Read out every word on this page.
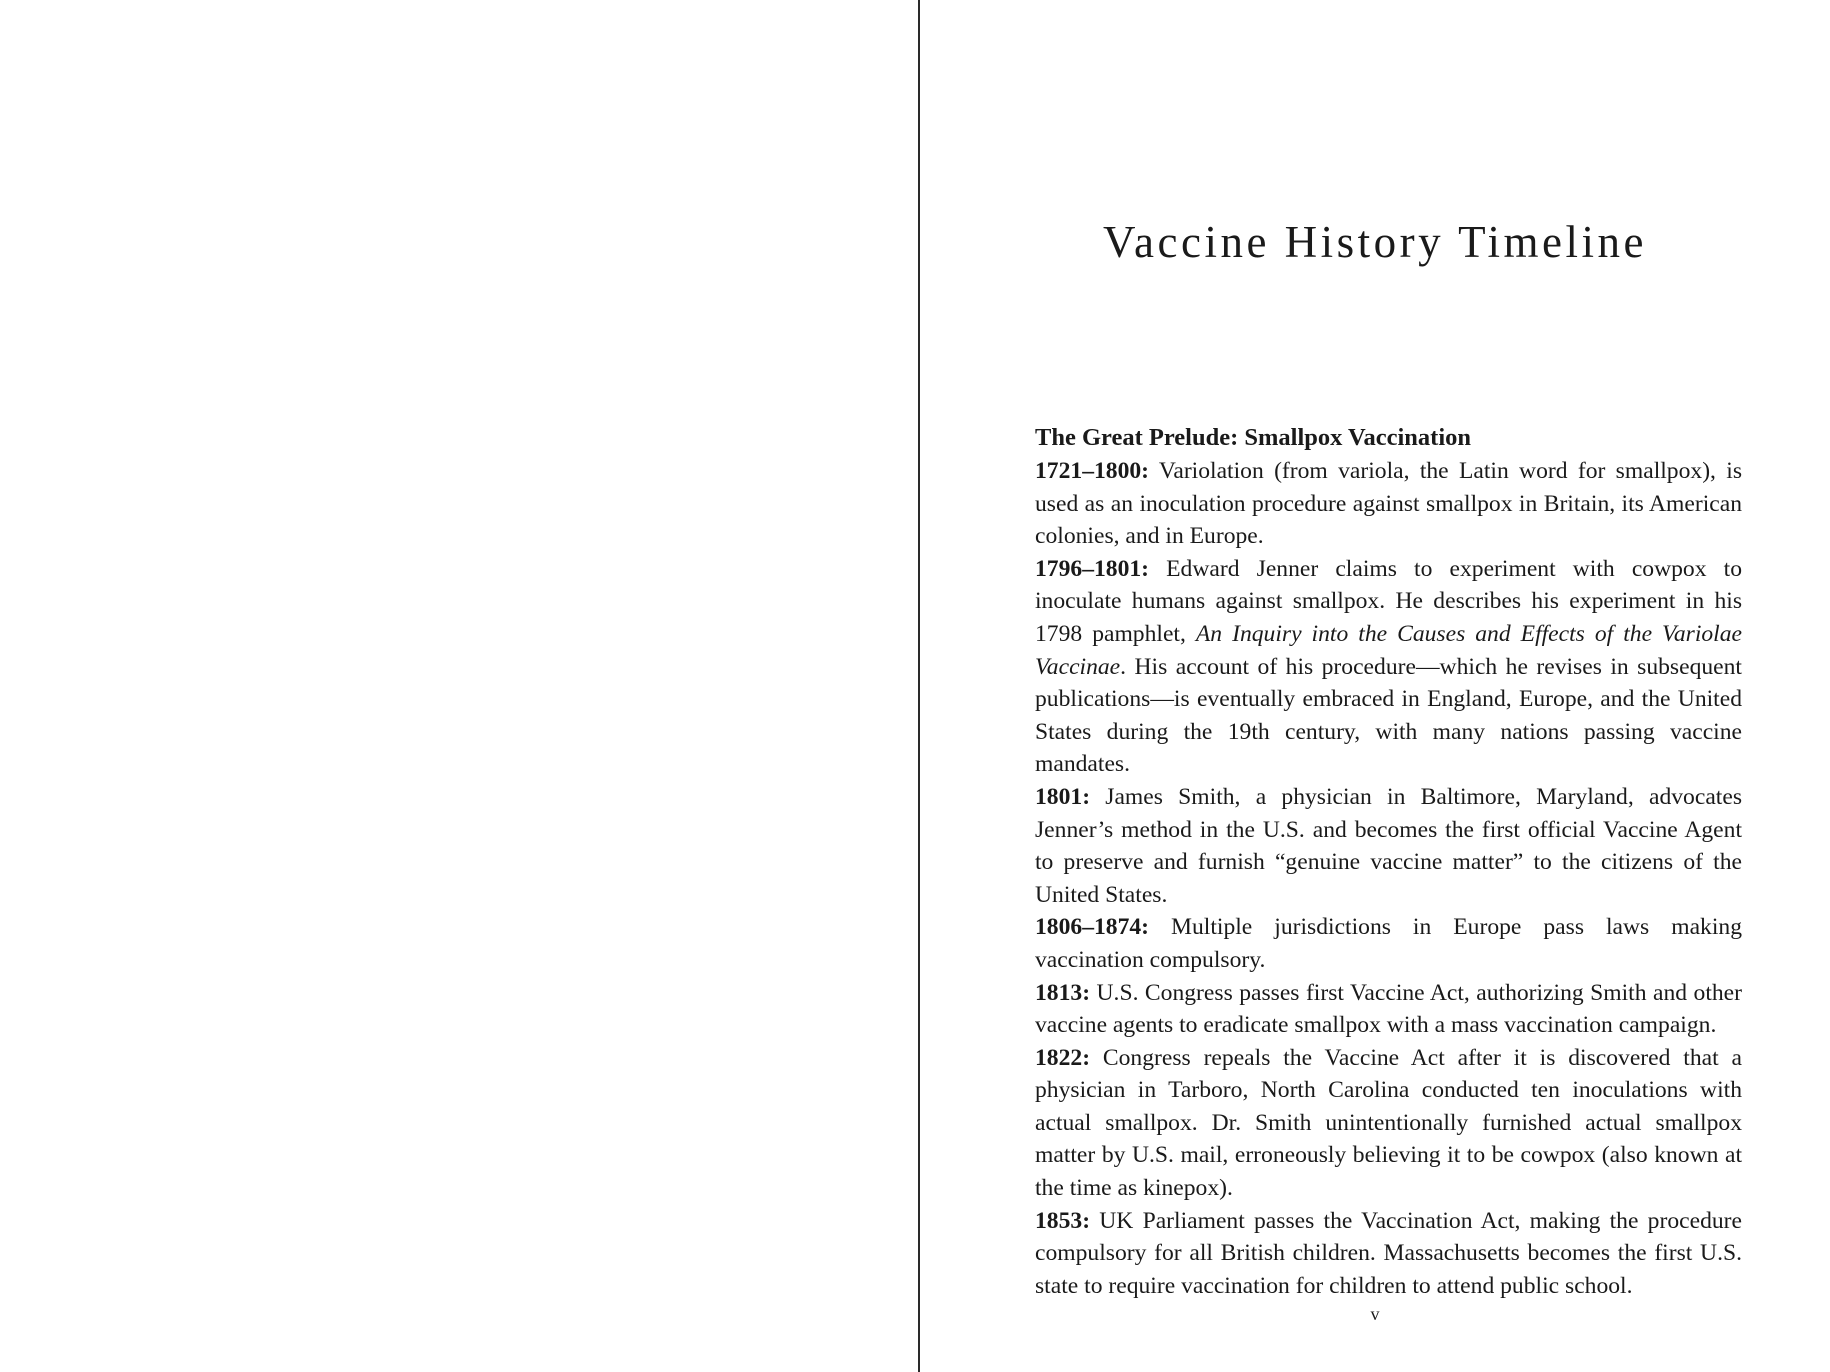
Vaccine History Timeline
The Great Prelude: Smallpox Vaccination

1721–1800: Variolation (from variola, the Latin word for smallpox), is used as an inoculation procedure against smallpox in Britain, its American colonies, and in Europe.

1796–1801: Edward Jenner claims to experiment with cowpox to inoculate humans against smallpox. He describes his experiment in his 1798 pamphlet, An Inquiry into the Causes and Effects of the Variolae Vaccinae. His account of his procedure—which he revises in subsequent publications—is eventually embraced in England, Europe, and the United States during the 19th century, with many nations passing vaccine mandates.

1801: James Smith, a physician in Baltimore, Maryland, advocates Jenner’s method in the U.S. and becomes the first official Vaccine Agent to preserve and furnish “genuine vaccine matter” to the citizens of the United States.

1806–1874: Multiple jurisdictions in Europe pass laws making vaccination compulsory.

1813: U.S. Congress passes first Vaccine Act, authorizing Smith and other vaccine agents to eradicate smallpox with a mass vaccination campaign.

1822: Congress repeals the Vaccine Act after it is discovered that a physician in Tarboro, North Carolina conducted ten inoculations with actual smallpox. Dr. Smith unintentionally furnished actual smallpox matter by U.S. mail, erroneously believing it to be cowpox (also known at the time as kinepox).

1853: UK Parliament passes the Vaccination Act, making the procedure compulsory for all British children. Massachusetts becomes the first U.S. state to require vaccination for children to attend public school.

v
